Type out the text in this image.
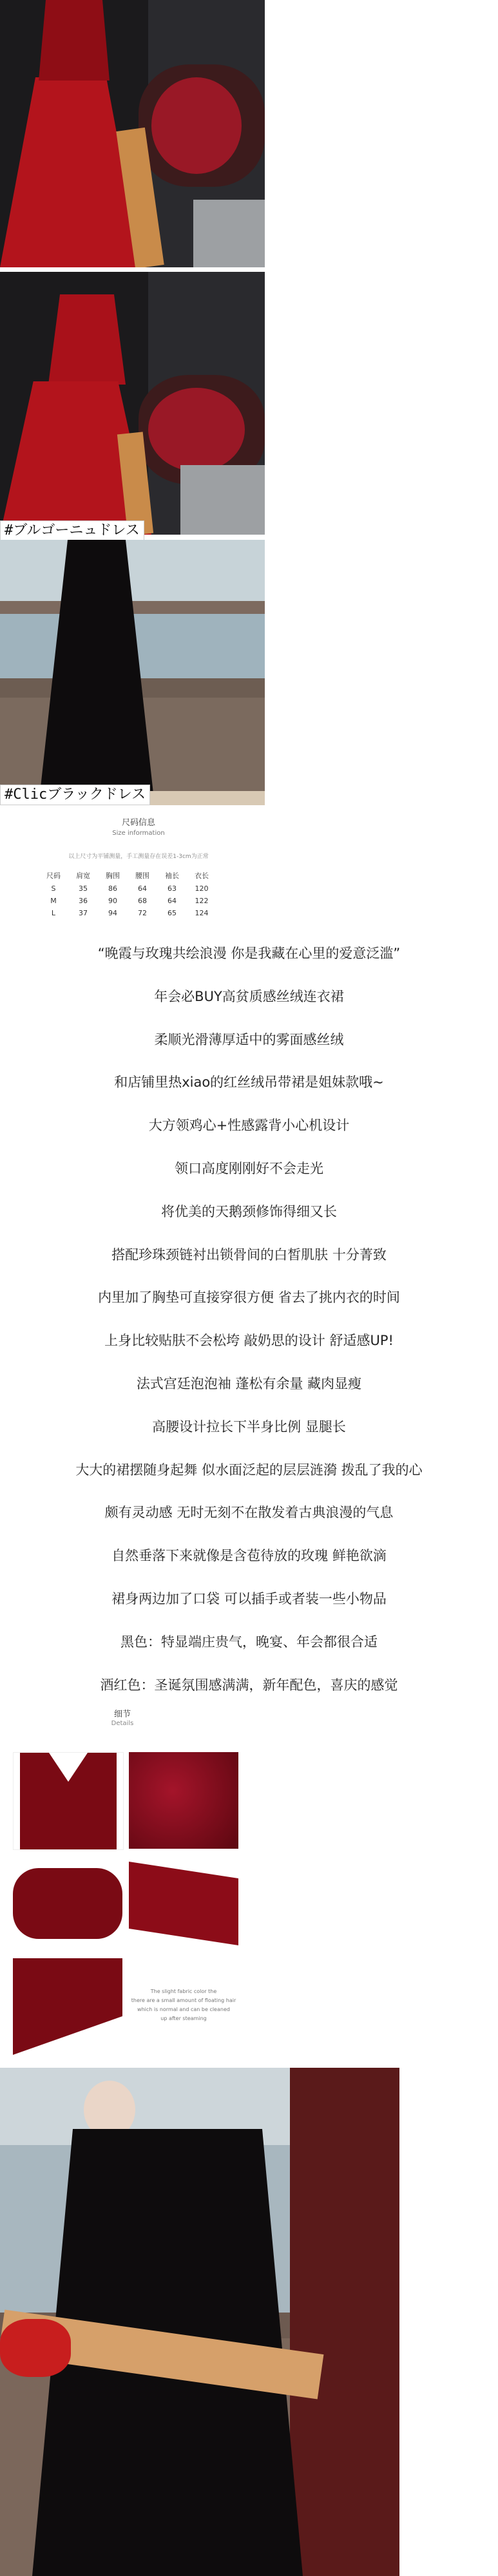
#ブルゴーニュドレス
#Clicブラックドレス
尺码信息
Size information
以上尺寸为平铺测量，手工测量存在误差1-3cm为正常
尺码	肩宽	胸围	腰围	袖长	衣长
S	35	86	64	63	120
M	36	90	68	64	122
L	37	94	72	65	124
“晚霞与玫瑰共绘浪漫 你是我藏在心里的爱意泛滥”
年会必BUY高贫质感丝绒连衣裙
柔顺光滑薄厚适中的雾面感丝绒
和店铺里热xiao的红丝绒吊带裙是姐妹款哦~
大方领鸡心+性感露背小心机设计
领口高度刚刚好不会走光
将优美的天鹅颈修饰得细又长
搭配珍珠颈链衬出锁骨间的白皙肌肤 十分菁致
内里加了胸垫可直接穿很方便 省去了挑内衣的时间
上身比较贴肤不会松垮 敲奶思的设计 舒适感UP!
法式宫廷泡泡袖 蓬松有余量 藏肉显瘦
高腰设计拉长下半身比例 显腿长
大大的裙摆随身起舞 似水面泛起的层层涟漪 拨乱了我的心
颇有灵动感 无时无刻不在散发着古典浪漫的气息
自然垂落下来就像是含苞待放的玫瑰 鲜艳欲滴
裙身两边加了口袋 可以插手或者装一些小物品
黑色：特显端庄贵气，晚宴、年会都很合适
酒红色：圣诞氛围感满满，新年配色，喜庆的感觉
细节
Details
The slight fabric color the
there are a small amount of floating hair
which is normal and can be cleaned
up after steaming
